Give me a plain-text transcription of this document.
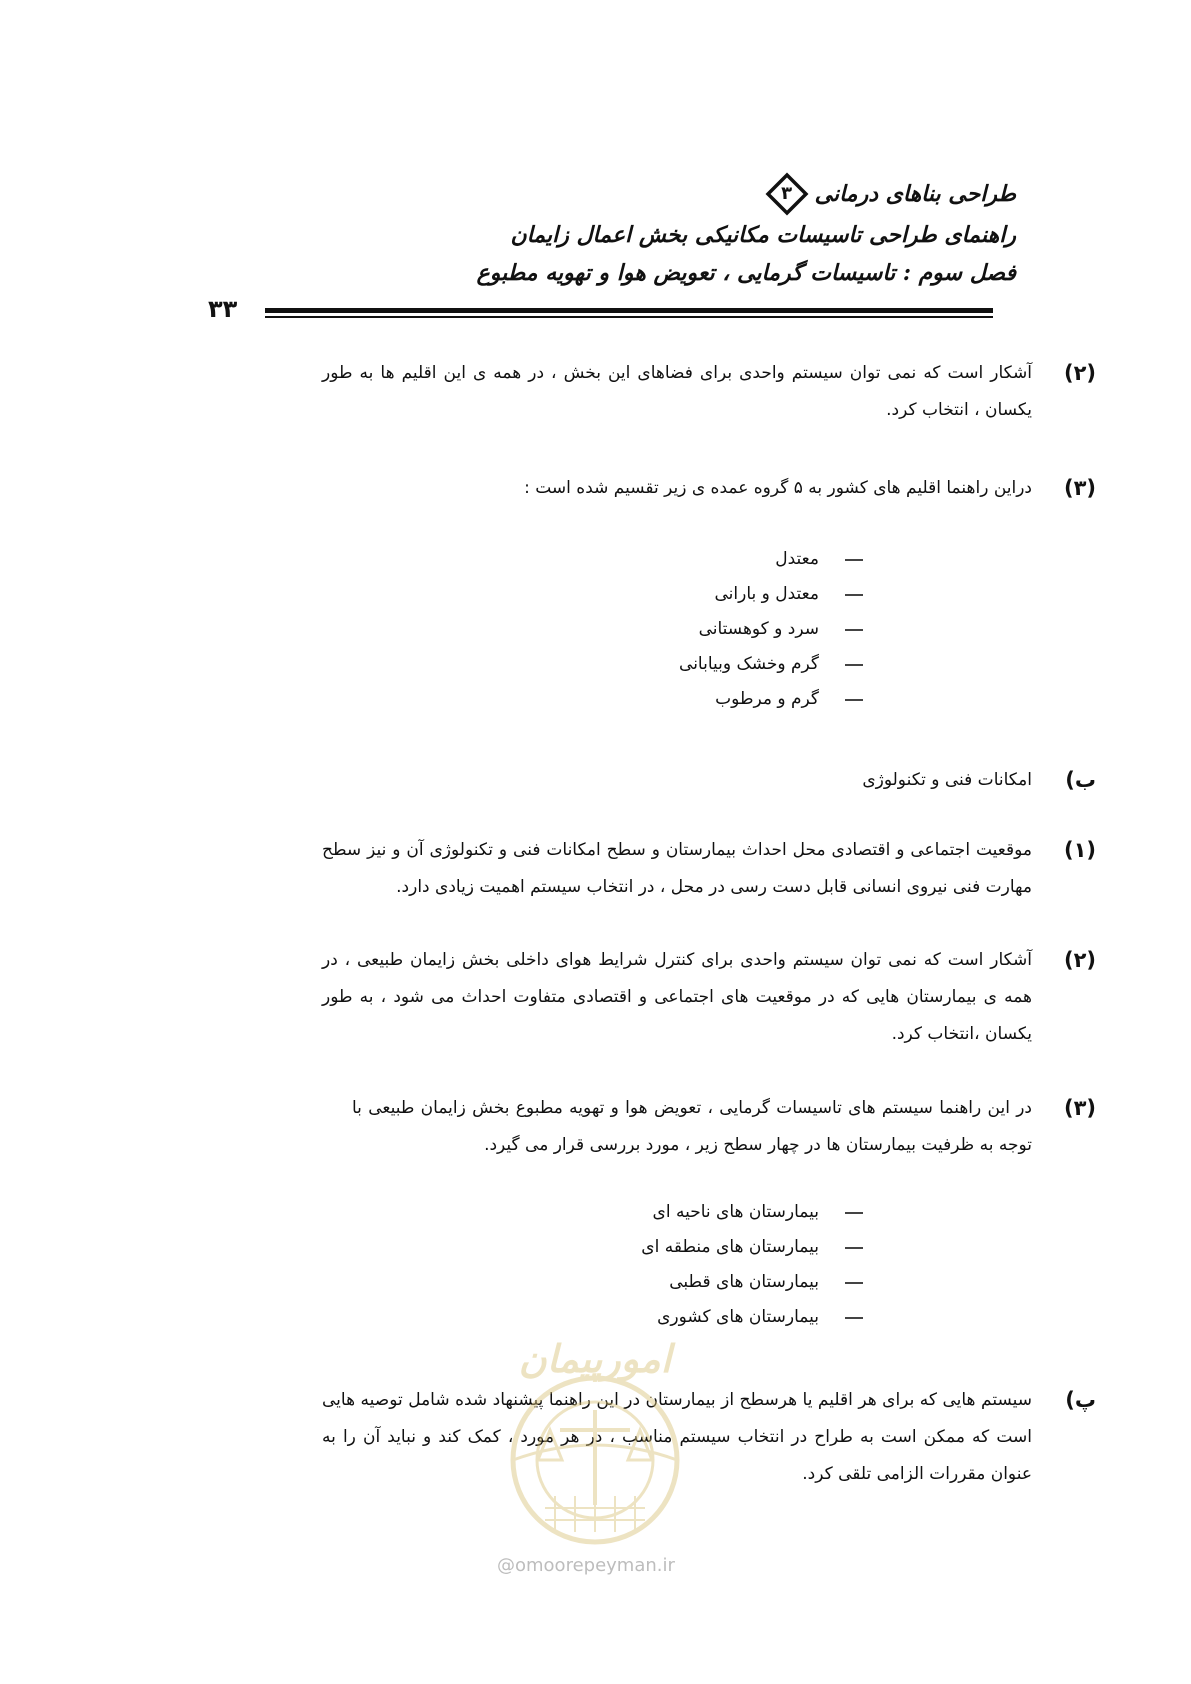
طراحی بناهای درمانی
۳
راهنمای طراحی تاسیسات مکانیکی بخش اعمال زایمان
فصل سوم : تاسیسات گرمایی ، تعویض هوا و تهویه مطبوع
۳۳
(۲)
آشکار است که نمی توان سیستم واحدی برای فضاهای این بخش ، در همه ی این اقلیم ها به طور یکسان ، انتخاب کرد.
(۳)
دراین راهنما اقلیم های کشور به ۵ گروه عمده ی زیر تقسیم شده است :
معتدل
معتدل و بارانی
سرد و کوهستانی
گرم وخشک وبیابانی
گرم و مرطوب
ب)
امکانات فنی و تکنولوژی
(۱)
موقعیت اجتماعی و اقتصادی محل احداث بیمارستان و سطح امکانات فنی و تکنولوژی آن و نیز سطح مهارت فنی نیروی انسانی قابل دست رسی در محل ، در انتخاب سیستم اهمیت زیادی دارد.
(۲)
آشکار است که نمی توان سیستم واحدی برای کنترل شرایط هوای داخلی بخش زایمان طبیعی ، در همه ی بیمارستان هایی که در موقعیت های اجتماعی و اقتصادی متفاوت احداث می شود ، به طور یکسان ،انتخاب کرد.
(۳)
در این راهنما سیستم های تاسیسات گرمایی ، تعویض هوا و تهویه مطبوع بخش زایمان طبیعی با توجه به ظرفیت بیمارستان ها در چهار سطح زیر ، مورد بررسی قرار می گیرد.
بیمارستان های ناحیه ای
بیمارستان های منطقه ای
بیمارستان های قطبی
بیمارستان های کشوری
پ)
سیستم هایی که برای هر اقلیم یا هرسطح از بیمارستان در این راهنما پیشنهاد شده شامل توصیه هایی است که ممکن است به طراح در انتخاب سیستم مناسب ، در هر مورد ، کمک کند و نباید آن را به عنوان مقررات الزامی تلقی کرد.
امورپیمان
@omoorepeyman.ir
